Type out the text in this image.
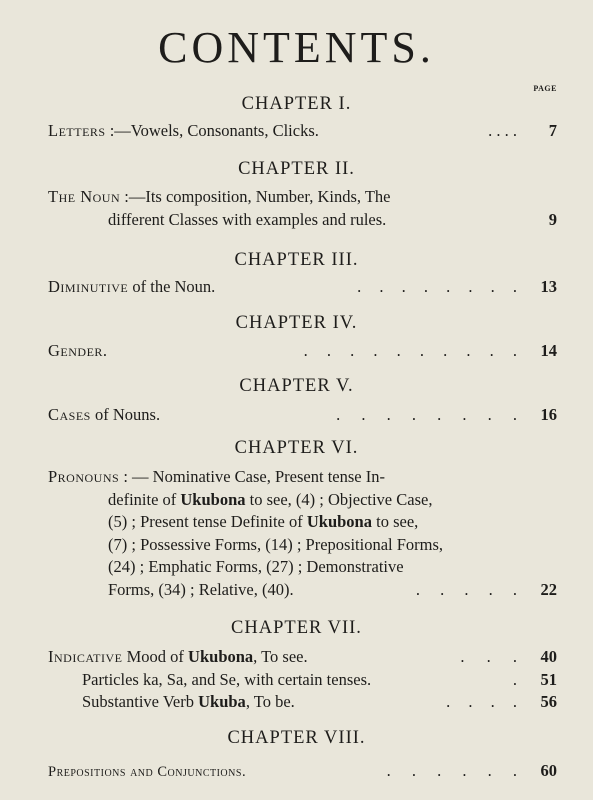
CONTENTS.
PAGE
CHAPTER I.
Letters :—Vowels, Consonants, Clicks.	. . . .	7
CHAPTER II.
The Noun :—Its composition, Number, Kinds, The
different Classes with examples and rules.	9
CHAPTER III.
Diminutive of the Noun.	. . . . . . . .	13
CHAPTER IV.
Gender.	. . . . . . . . . .	14
CHAPTER V.
Cases of Nouns.	. . . . . . . .	16
CHAPTER VI.
Pronouns : — Nominative Case, Present tense In-
definite of Ukubona to see, (4) ; Objective Case,
(5) ; Present tense Definite of Ukubona to see,
(7) ; Possessive Forms, (14) ; Prepositional Forms,
(24) ; Emphatic Forms, (27) ; Demonstrative
Forms, (34) ; Relative, (40).	. . . . .	22
CHAPTER VII.
Indicative Mood of Ukubona, To see.	. . .	40
Particles ka, Sa, and Se, with certain tenses.	.	51
Substantive Verb Ukuba, To be.	. . . .	56
CHAPTER VIII.
Prepositions and Conjunctions.	. . . . . .	60
